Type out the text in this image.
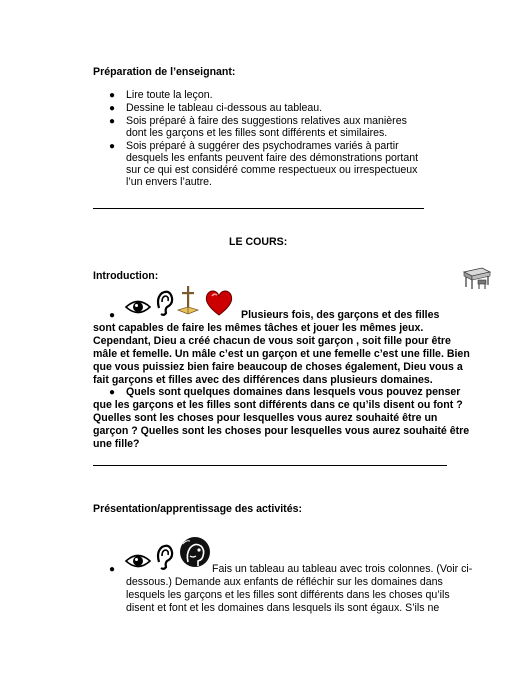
Préparation de l’enseignant:
● Lire toute la leçon.
● Dessine le tableau ci-dessous au tableau.
● Sois préparé à faire des suggestions relatives aux manières
dont les garçons et les filles sont différents et similaires.
● Sois préparé à suggérer des psychodrames variés à partir
desquels les enfants peuvent faire des démonstrations portant
sur ce qui est considéré comme respectueux ou irrespectueux
l’un envers l’autre.
LE COURS:
Introduction:
●	Plusieurs fois, des garçons et des filles
sont capables de faire les mêmes tâches et jouer les mêmes jeux.
Cependant, Dieu a créé chacun de vous soit garçon , soit fille pour être
mâle et femelle. Un mâle c’est un garçon et une femelle c’est une fille. Bien
que vous puissiez bien faire beaucoup de choses également, Dieu vous a
fait garçons et filles avec des différences dans plusieurs domaines.
● Quels sont quelques domaines dans lesquels vous pouvez penser
que les garçons et les filles sont différents dans ce qu’ils disent ou font ?
Quelles sont les choses pour lesquelles vous aurez souhaité être un
garçon ? Quelles sont les choses pour lesquelles vous aurez souhaité être
une fille?
Présentation/apprentissage des activités:
●	Fais un tableau au tableau avec trois colonnes. (Voir ci-
dessous.) Demande aux enfants de réfléchir sur les domaines dans
lesquels les garçons et les filles sont différents dans les choses qu’ils
disent et font et les domaines dans lesquels ils sont égaux. S’ils ne
